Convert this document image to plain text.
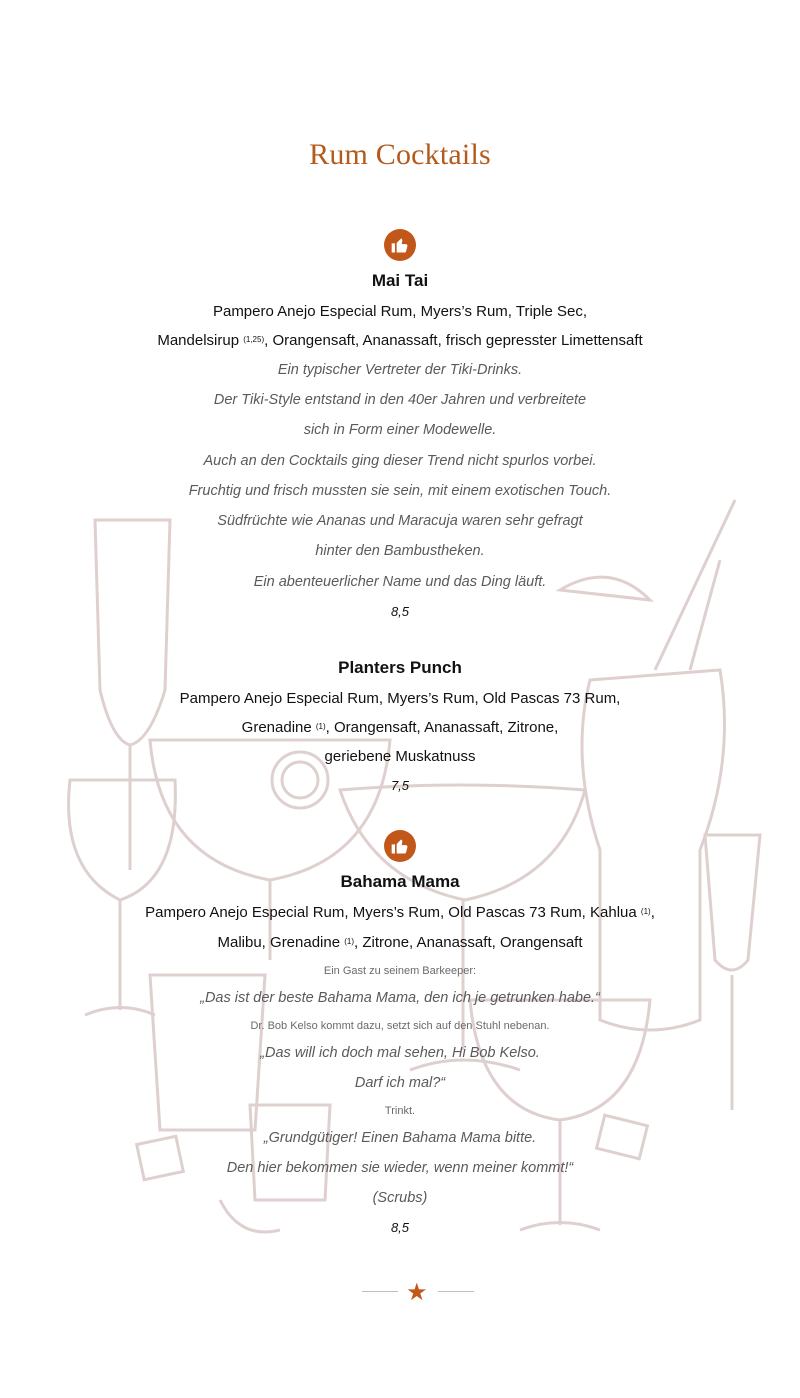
Rum Cocktails
Mai Tai
Pampero Anejo Especial Rum, Myers’s Rum, Triple Sec,
Mandelsirup $^{(1,25)}$, Orangensaft, Ananassaft, frisch gepresster Limettensaft
Ein typischer Vertreter der Tiki-Drinks.
Der Tiki-Style entstand in den 40er Jahren und verbreitete
sich in Form einer Modewelle.
Auch an den Cocktails ging dieser Trend nicht spurlos vorbei.
Fruchtig und frisch mussten sie sein, mit einem exotischen Touch.
Südfrüchte wie Ananas und Maracuja waren sehr gefragt
hinter den Bambustheken.
Ein abenteuerlicher Name und das Ding läuft.
8,5
Planters Punch
Pampero Anejo Especial Rum, Myers’s Rum, Old Pascas 73 Rum,
Grenadine $^{(1)}$, Orangensaft, Ananassaft, Zitrone,
geriebene Muskatnuss
7,5
Bahama Mama
Pampero Anejo Especial Rum, Myers’s Rum, Old Pascas 73 Rum, Kahlua $^{(1)}$,
Malibu, Grenadine $^{(1)}$, Zitrone, Ananassaft, Orangensaft
Ein Gast zu seinem Barkeeper:
„Das ist der beste Bahama Mama, den ich je getrunken habe.“
Dr. Bob Kelso kommt dazu, setzt sich auf den Stuhl nebenan.
„Das will ich doch mal sehen, Hi Bob Kelso.
Darf ich mal?“
Trinkt.
„Grundgütiger! Einen Bahama Mama bitte.
Den hier bekommen sie wieder, wenn meiner kommt!“
(Scrubs)
8,5
★
